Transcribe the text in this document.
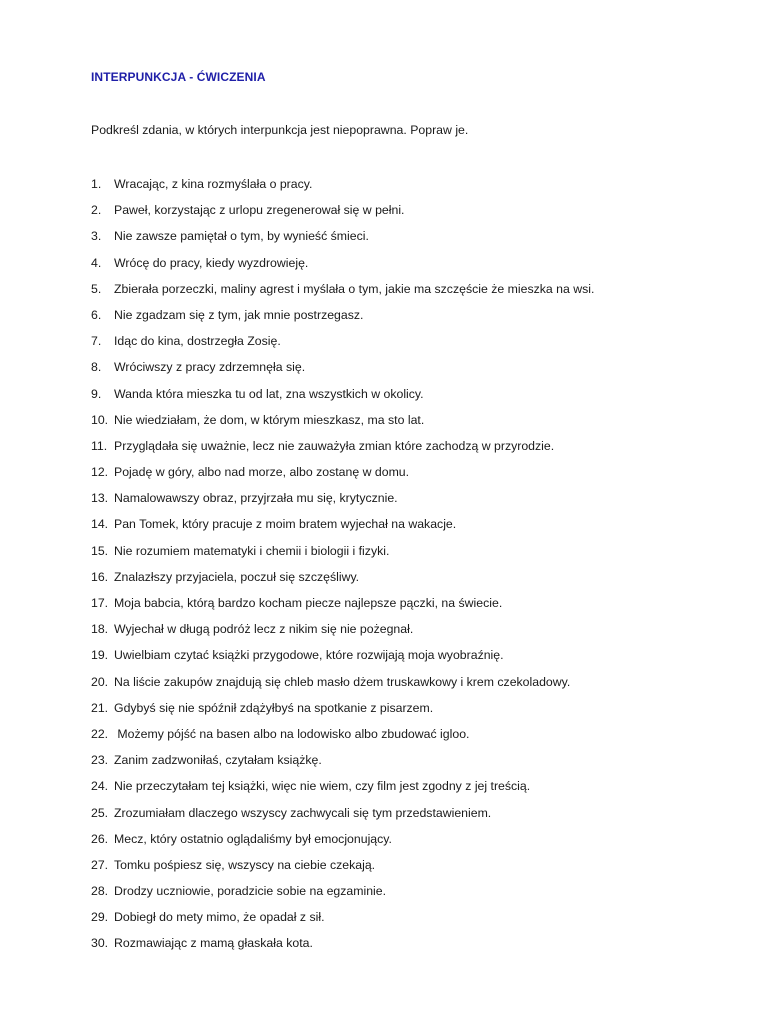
INTERPUNKCJA - ĆWICZENIA
Podkreśl zdania, w których interpunkcja jest niepoprawna. Popraw je.
1.	Wracając, z kina rozmyślała o pracy.
2.	Paweł, korzystając z urlopu zregenerował się w pełni.
3.	Nie zawsze pamiętał o tym, by wynieść śmieci.
4.	Wrócę do pracy, kiedy wyzdrowieję.
5.	Zbierała porzeczki, maliny agrest i myślała o tym, jakie ma szczęście że mieszka na wsi.
6.	Nie zgadzam się z tym, jak mnie postrzegasz.
7.	Idąc do kina, dostrzegła Zosię.
8.	Wróciwszy z pracy zdrzemnęła się.
9.	Wanda która mieszka tu od lat, zna wszystkich w okolicy.
10. Nie wiedziałam, że dom, w którym mieszkasz, ma sto lat.
11. Przyglądała się uważnie, lecz nie zauważyła zmian które zachodzą w przyrodzie.
12. Pojadę w góry, albo nad morze, albo zostanę w domu.
13. Namalowawszy obraz, przyjrzała mu się, krytycznie.
14. Pan Tomek, który pracuje z moim bratem wyjechał na wakacje.
15. Nie rozumiem matematyki i chemii i biologii i fizyki.
16. Znalazłszy przyjaciela, poczuł się szczęśliwy.
17. Moja babcia, którą bardzo kocham piecze najlepsze pączki, na świecie.
18. Wyjechał w długą podróż lecz z nikim się nie pożegnał.
19. Uwielbiam czytać książki przygodowe, które rozwijają moja wyobraźnię.
20. Na liście zakupów znajdują się chleb masło dżem truskawkowy i krem czekoladowy.
21. Gdybyś się nie spóźnił zdążyłbyś na spotkanie z pisarzem.
22. Możemy pójść na basen albo na lodowisko albo zbudować igloo.
23. Zanim zadzwoniłaś, czytałam książkę.
24. Nie przeczytałam tej książki, więc nie wiem, czy film jest zgodny z jej treścią.
25. Zrozumiałam dlaczego wszyscy zachwycali się tym przedstawieniem.
26. Mecz, który ostatnio oglądaliśmy był emocjonujący.
27. Tomku pośpiesz się, wszyscy na ciebie czekają.
28. Drodzy uczniowie, poradzicie sobie na egzaminie.
29. Dobiegł do mety mimo, że opadał z sił.
30. Rozmawiając z mamą głaskała kota.
